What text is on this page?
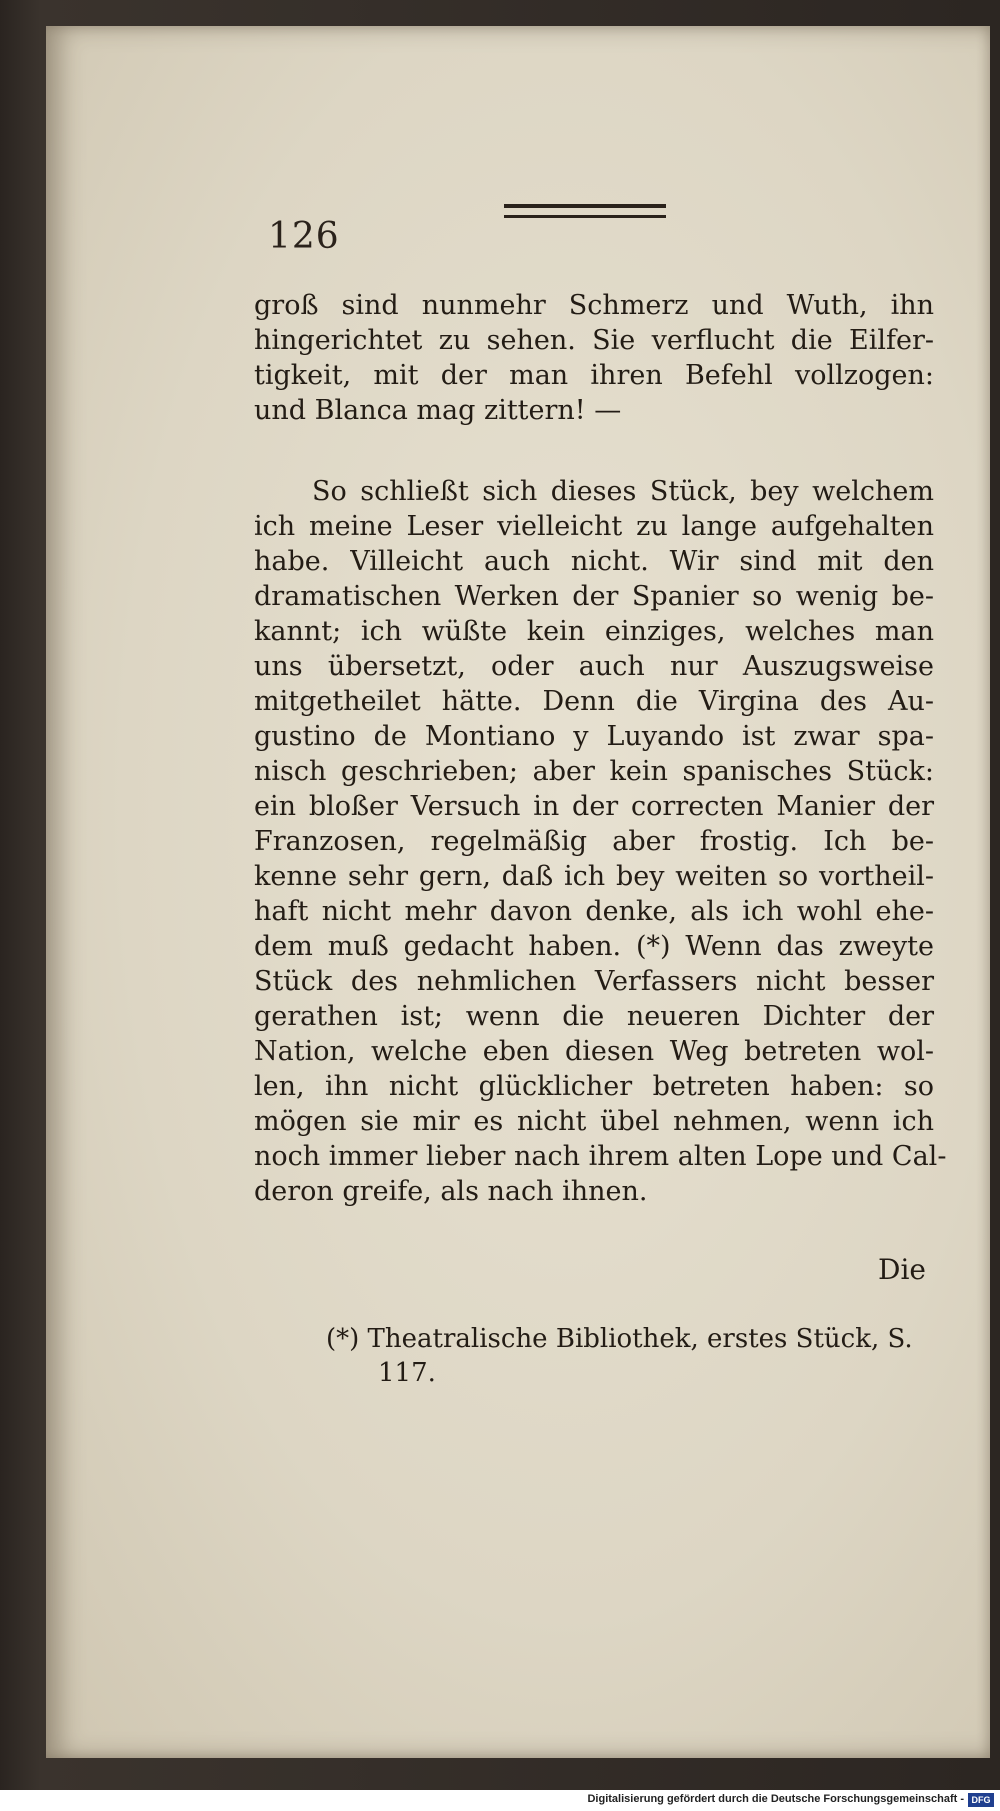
126
groß sind nunmehr Schmerz und Wuth, ihn
hingerichtet zu sehen. Sie verflucht die Eilfer-
tigkeit, mit der man ihren Befehl vollzogen:
und Blanca mag zittern! —
So schließt sich dieses Stück, bey welchem
ich meine Leser vielleicht zu lange aufgehalten
habe. Villeicht auch nicht. Wir sind mit den
dramatischen Werken der Spanier so wenig be-
kannt; ich wüßte kein einziges, welches man
uns übersetzt, oder auch nur Auszugsweise
mitgetheilet hätte. Denn die Virgina des Au-
gustino de Montiano y Luyando ist zwar spa-
nisch geschrieben; aber kein spanisches Stück:
ein bloßer Versuch in der correcten Manier der
Franzosen, regelmäßig aber frostig. Ich be-
kenne sehr gern, daß ich bey weiten so vortheil-
haft nicht mehr davon denke, als ich wohl ehe-
dem muß gedacht haben. (*) Wenn das zweyte
Stück des nehmlichen Verfassers nicht besser
gerathen ist; wenn die neueren Dichter der
Nation, welche eben diesen Weg betreten wol-
len, ihn nicht glücklicher betreten haben: so
mögen sie mir es nicht übel nehmen, wenn ich
noch immer lieber nach ihrem alten Lope und Cal-
deron greife, als nach ihnen.
Die
(*) Theatralische Bibliothek, erstes Stück, S.
117.
Digitalisierung gefördert durch die Deutsche Forschungsgemeinschaft - DFG
